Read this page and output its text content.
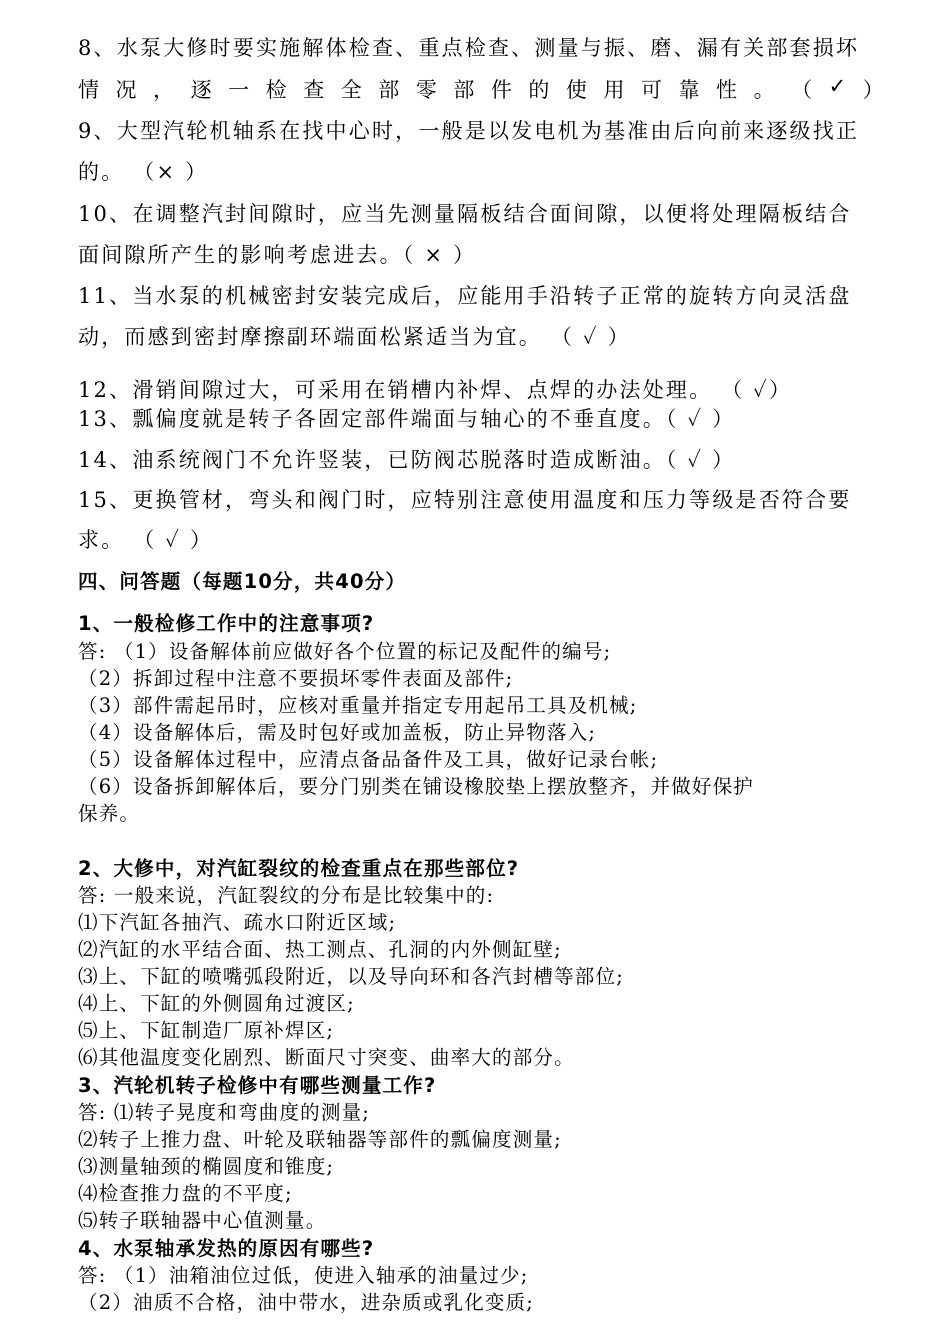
8、水泵大修时要实施解体检查、重点检查、测量与振、磨、漏有关部套损坏
情 况 ， 逐 一 检 查 全 部 零 部 件 的 使 用 可 靠 性 。 （ ✓ ）
9、大型汽轮机轴系在找中心时，一般是以发电机为基准由后向前来逐级找正
的。 （× ）
10、在调整汽封间隙时，应当先测量隔板结合面间隙，以便将处理隔板结合
面间隙所产生的影响考虑进去。（ × ）
11、当水泵的机械密封安装完成后，应能用手沿转子正常的旋转方向灵活盘
动，而感到密封摩擦副环端面松紧适当为宜。 （ ✓ ）
12、滑销间隙过大，可采用在销槽内补焊、点焊的办法处理。 （ ✓）
13、瓢偏度就是转子各固定部件端面与轴心的不垂直度。（ ✓ ）
14、油系统阀门不允许竖装，已防阀芯脱落时造成断油。（ ✓ ）
15、更换管材，弯头和阀门时，应特别注意使用温度和压力等级是否符合要
求。 （ ✓ ）
四、问答题（每题10分，共40分）
1、一般检修工作中的注意事项?
答: （1）设备解体前应做好各个位置的标记及配件的编号;
（2）拆卸过程中注意不要损坏零件表面及部件;
（3）部件需起吊时，应核对重量并指定专用起吊工具及机械;
（4）设备解体后，需及时包好或加盖板，防止异物落入;
（5）设备解体过程中，应清点备品备件及工具，做好记录台帐;
（6）设备拆卸解体后，要分门别类在铺设橡胶垫上摆放整齐，并做好保护
保养。
2、大修中，对汽缸裂纹的检查重点在那些部位?
答: 一般来说，汽缸裂纹的分布是比较集中的:
⑴下汽缸各抽汽、疏水口附近区域;
⑵汽缸的水平结合面、热工测点、孔洞的内外侧缸壁;
⑶上、下缸的喷嘴弧段附近，以及导向环和各汽封槽等部位;
⑷上、下缸的外侧圆角过渡区;
⑸上、下缸制造厂原补焊区;
⑹其他温度变化剧烈、断面尺寸突变、曲率大的部分。
3、汽轮机转子检修中有哪些测量工作?
答: ⑴转子晃度和弯曲度的测量;
⑵转子上推力盘、叶轮及联轴器等部件的瓢偏度测量;
⑶测量轴颈的椭圆度和锥度;
⑷检查推力盘的不平度;
⑸转子联轴器中心值测量。
4、水泵轴承发热的原因有哪些?
答: （1）油箱油位过低，使进入轴承的油量过少;
（2）油质不合格，油中带水，进杂质或乳化变质;
